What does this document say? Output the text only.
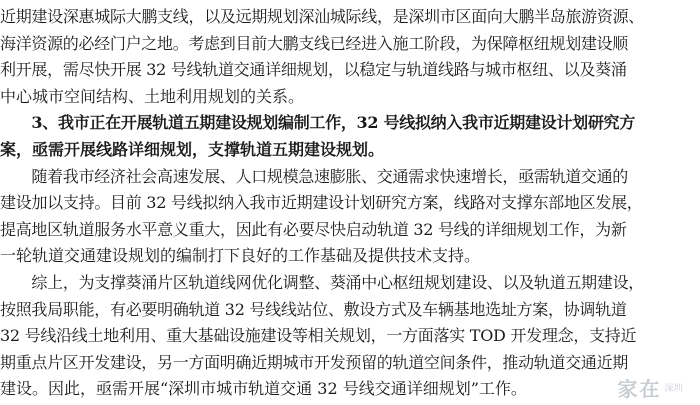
近期建设深惠城际大鹏支线，以及远期规划深汕城际线，是深圳市区面向大鹏半岛旅游资源、
海洋资源的必经门户之地。考虑到目前大鹏支线已经进入施工阶段，为保障枢纽规划建设顺
利开展，需尽快开展 32 号线轨道交通详细规划，以稳定与轨道线路与城市枢纽、以及葵涌
中心城市空间结构、土地利用规划的关系。
　　3、我市正在开展轨道五期建设规划编制工作，32 号线拟纳入我市近期建设计划研究方
案，亟需开展线路详细规划，支撑轨道五期建设规划。
　　随着我市经济社会高速发展、人口规模急速膨胀、交通需求快速增长，亟需轨道交通的
建设加以支持。目前 32 号线拟纳入我市近期建设计划研究方案，线路对支撑东部地区发展，
提高地区轨道服务水平意义重大，因此有必要尽快启动轨道 32 号线的详细规划工作，为新
一轮轨道交通建设规划的编制打下良好的工作基础及提供技术支持。
　　综上，为支撑葵涌片区轨道线网优化调整、葵涌中心枢纽规划建设、以及轨道五期建设，
按照我局职能，有必要明确轨道 32 号线线站位、敷设方式及车辆基地选址方案，协调轨道
32 号线沿线土地利用、重大基础设施建设等相关规划，一方面落实 TOD 开发理念，支持近
期重点片区开发建设，另一方面明确近期城市开发预留的轨道空间条件，推动轨道交通近期
建设。因此，亟需开展“深圳市城市轨道交通 32 号线交通详细规划”工作。	家在 深圳
